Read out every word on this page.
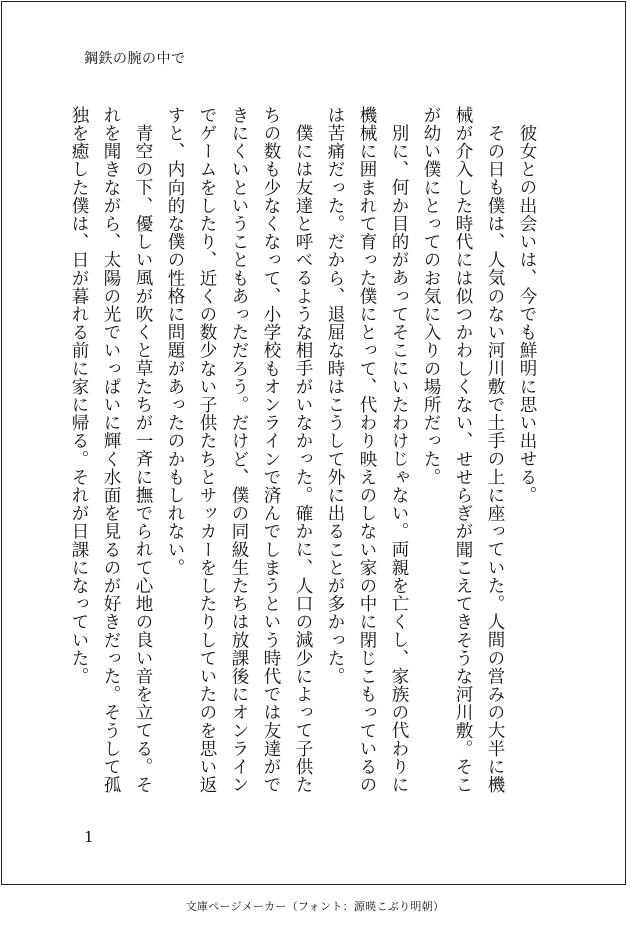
鋼鉄の腕の中で

彼女との出会いは、今でも鮮明に思い出せる。

その日も僕は、人気のない河川敷で土手の上に座っていた。人間の営みの大半に機械が介入した時代には似つかわしくない、せせらぎが聞こえてきそうな河川敷。そこが幼い僕にとってのお気に入りの場所だった。

別に、何か目的があってそこにいたわけじゃない。両親を亡くし、家族の代わりに機械に囲まれて育った僕にとって、代わり映えのしない家の中に閉じこもっているのは苦痛だった。だから、退屈な時はこうして外に出ることが多かった。

僕には友達と呼べるような相手がいなかった。確かに、人口の減少によって子供たちの数も少なくなって、小学校もオンラインで済んでしまうという時代では友達ができにくいということもあっただろう。だけど、僕の同級生たちは放課後にオンラインでゲームをしたり、近くの数少ない子供たちとサッカーをしたりしていたのを思い返すと、内向的な僕の性格に問題があったのかもしれない。

青空の下、優しい風が吹くと草たちが一斉に撫でられて心地の良い音を立てる。それを聞きながら、太陽の光でいっぱいに輝く水面を見るのが好きだった。そうして孤独を癒した僕は、日が暮れる前に家に帰る。それが日課になっていた。

1
文庫ページメーカー（フォント：源暎こぶり明朝）
